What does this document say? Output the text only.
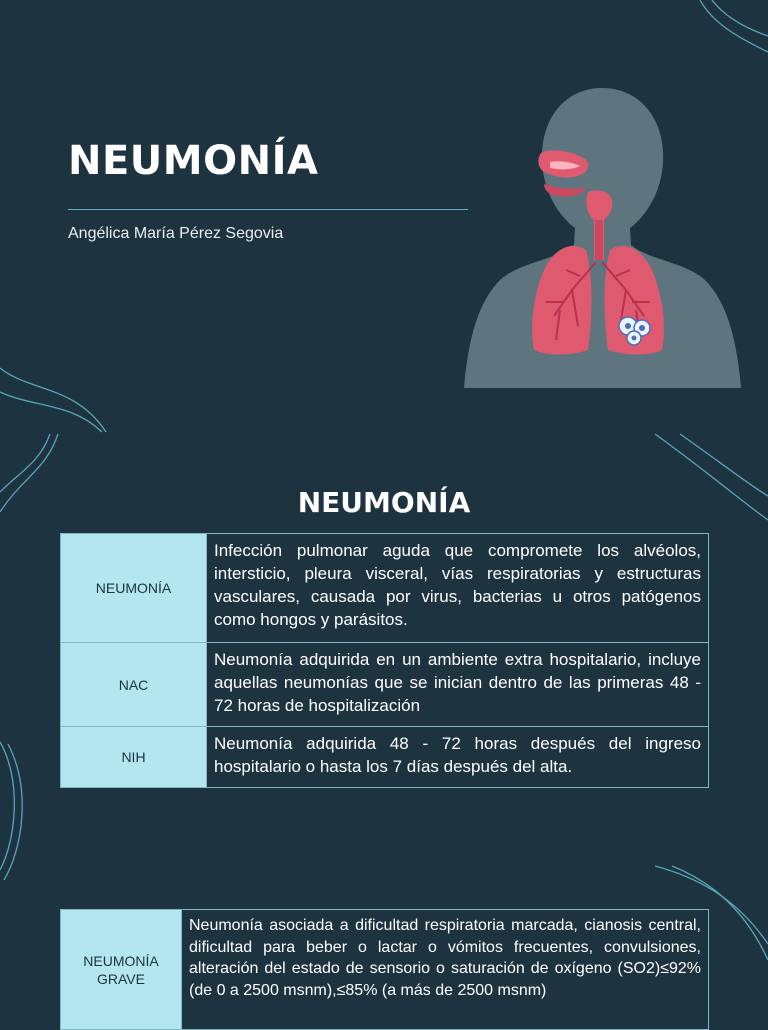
NEUMONÍA
Angélica María Pérez Segovia
NEUMONÍA
NEUMONÍA	Infección pulmonar aguda que compromete los alvéolos, intersticio, pleura visceral, vías respiratorias y estructuras vasculares, causada por virus, bacterias u otros patógenos como hongos y parásitos.
NAC	Neumonía adquirida en un ambiente extra hospitalario, incluye aquellas neumonías que se inician dentro de las primeras 48 - 72 horas de hospitalización
NIH	Neumonía adquirida 48 - 72 horas después del ingreso hospitalario o hasta los 7 días después del alta.
NEUMONÍA GRAVE	Neumonía asociada a dificultad respiratoria marcada, cianosis central, dificultad para beber o lactar o vómitos frecuentes, convulsiones, alteración del estado de sensorio o saturación de oxígeno (SO2)≤92% (de 0 a 2500 msnm),≤85% (a más de 2500 msnm)
